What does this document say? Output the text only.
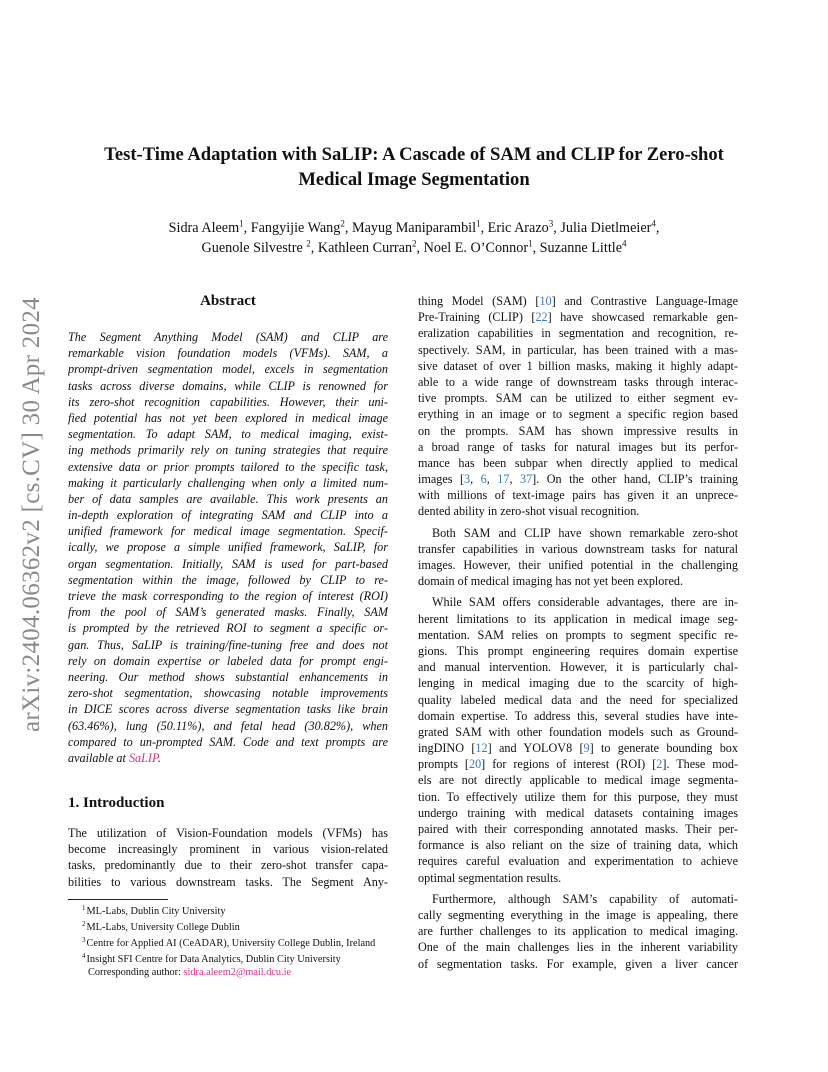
arXiv:2404.06362v2 [cs.CV] 30 Apr 2024
Test-Time Adaptation with SaLIP: A Cascade of SAM and CLIP for Zero-shot
Medical Image Segmentation
Sidra Aleem$^1$, Fangyijie Wang$^2$, Mayug Maniparambil$^1$, Eric Arazo$^3$, Julia Dietlmeier$^4$,
Guenole Silvestre $^2$, Kathleen Curran$^2$, Noel E. O’Connor$^1$, Suzanne Little$^4$
Abstract
The Segment Anything Model (SAM) and CLIP are
remarkable vision foundation models (VFMs). SAM, a
prompt-driven segmentation model, excels in segmentation
tasks across diverse domains, while CLIP is renowned for
its zero-shot recognition capabilities. However, their uni-
fied potential has not yet been explored in medical image
segmentation. To adapt SAM, to medical imaging, exist-
ing methods primarily rely on tuning strategies that require
extensive data or prior prompts tailored to the specific task,
making it particularly challenging when only a limited num-
ber of data samples are available. This work presents an
in-depth exploration of integrating SAM and CLIP into a
unified framework for medical image segmentation. Specif-
ically, we propose a simple unified framework, SaLIP, for
organ segmentation. Initially, SAM is used for part-based
segmentation within the image, followed by CLIP to re-
trieve the mask corresponding to the region of interest (ROI)
from the pool of SAM’s generated masks. Finally, SAM
is prompted by the retrieved ROI to segment a specific or-
gan. Thus, SaLIP is training/fine-tuning free and does not
rely on domain expertise or labeled data for prompt engi-
neering. Our method shows substantial enhancements in
zero-shot segmentation, showcasing notable improvements
in DICE scores across diverse segmentation tasks like brain
(63.46%), lung (50.11%), and fetal head (30.82%), when
compared to un-prompted SAM. Code and text prompts are
available at SaLIP.
1. Introduction
The utilization of Vision-Foundation models (VFMs) has
become increasingly prominent in various vision-related
tasks, predominantly due to their zero-shot transfer capa-
bilities to various downstream tasks. The Segment Any-
thing Model (SAM) [10] and Contrastive Language-Image
Pre-Training (CLIP) [22] have showcased remarkable gen-
eralization capabilities in segmentation and recognition, re-
spectively. SAM, in particular, has been trained with a mas-
sive dataset of over 1 billion masks, making it highly adapt-
able to a wide range of downstream tasks through interac-
tive prompts. SAM can be utilized to either segment ev-
erything in an image or to segment a specific region based
on the prompts. SAM has shown impressive results in
a broad range of tasks for natural images but its perfor-
mance has been subpar when directly applied to medical
images [3, 6, 17, 37]. On the other hand, CLIP’s training
with millions of text-image pairs has given it an unprece-
dented ability in zero-shot visual recognition.
Both SAM and CLIP have shown remarkable zero-shot
transfer capabilities in various downstream tasks for natural
images. However, their unified potential in the challenging
domain of medical imaging has not yet been explored.
While SAM offers considerable advantages, there are in-
herent limitations to its application in medical image seg-
mentation. SAM relies on prompts to segment specific re-
gions. This prompt engineering requires domain expertise
and manual intervention. However, it is particularly chal-
lenging in medical imaging due to the scarcity of high-
quality labeled medical data and the need for specialized
domain expertise. To address this, several studies have inte-
grated SAM with other foundation models such as Ground-
ingDINO [12] and YOLOV8 [9] to generate bounding box
prompts [20] for regions of interest (ROI) [2]. These mod-
els are not directly applicable to medical image segmenta-
tion. To effectively utilize them for this purpose, they must
undergo training with medical datasets containing images
paired with their corresponding annotated masks. Their per-
formance is also reliant on the size of training data, which
requires careful evaluation and experimentation to achieve
optimal segmentation results.
Furthermore, although SAM’s capability of automati-
cally segmenting everything in the image is appealing, there
are further challenges to its application to medical imaging.
One of the main challenges lies in the inherent variability
of segmentation tasks. For example, given a liver cancer
$^1$ML-Labs, Dublin City University
$^2$ML-Labs, University College Dublin
$^3$Centre for Applied AI (CeADAR), University College Dublin, Ireland
$^4$Insight SFI Centre for Data Analytics, Dublin City University
Corresponding author: sidra.aleem2@mail.dcu.ie
